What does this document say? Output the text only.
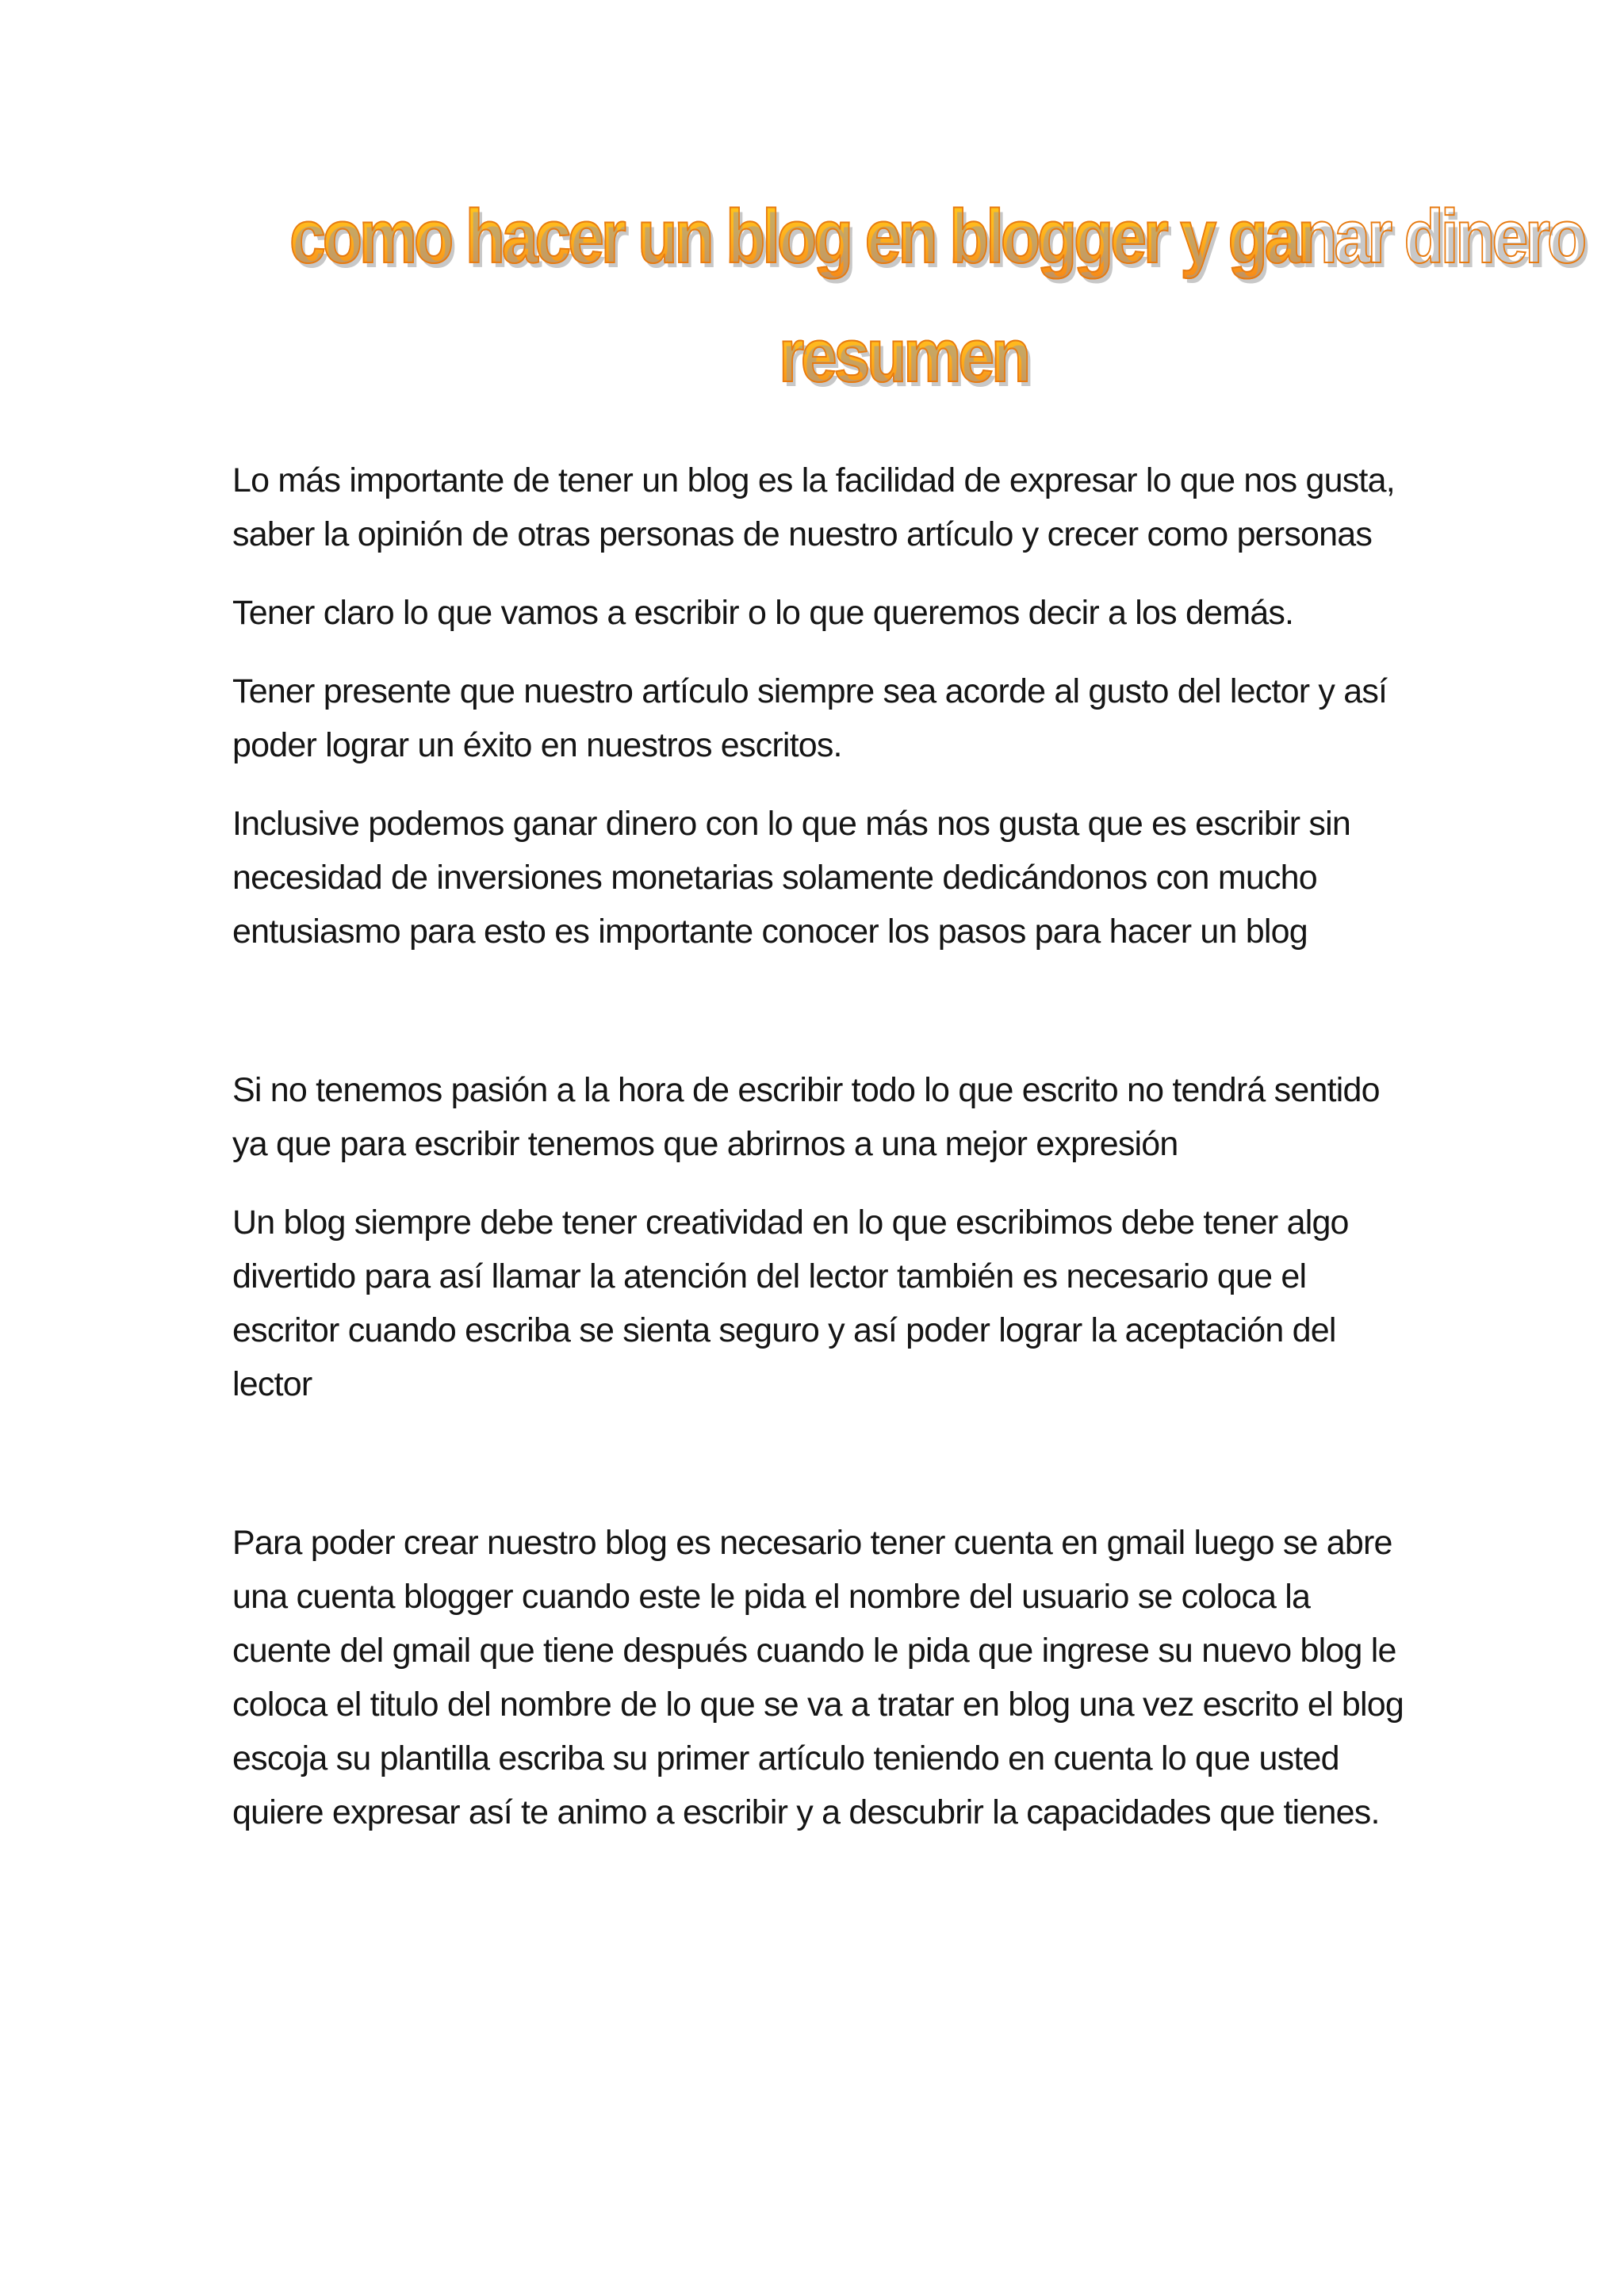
como hacer un blog en blogger y ganar dinero
resumen

Lo más importante de tener un blog es la facilidad de expresar lo que nos gusta, saber la opinión de otras personas de nuestro artículo y crecer como personas

Tener claro lo que vamos a escribir o lo que queremos decir a los demás.

Tener presente que nuestro artículo siempre sea acorde al gusto del lector y así poder lograr un éxito en nuestros escritos.

Inclusive podemos ganar dinero con lo que más nos gusta que es escribir sin necesidad de inversiones monetarias solamente dedicándonos con mucho entusiasmo para esto es importante conocer los pasos para hacer un blog

Si no tenemos pasión a la hora de escribir todo lo que escrito no tendrá sentido ya que para escribir tenemos que abrirnos a una mejor expresión

Un blog siempre debe tener creatividad en lo que escribimos debe tener algo divertido para así llamar la atención del lector también es necesario que el escritor cuando escriba se sienta seguro y así poder lograr la aceptación del lector

Para poder crear nuestro blog es necesario tener cuenta en gmail luego se abre una cuenta blogger cuando este le pida el nombre del usuario se coloca la cuente del gmail que tiene después cuando le pida que ingrese su nuevo blog le coloca el titulo del nombre de lo que se va a tratar en blog una vez escrito el blog escoja su plantilla escriba su primer artículo teniendo en cuenta lo que usted quiere expresar así te animo a escribir y a descubrir la capacidades que tienes.
